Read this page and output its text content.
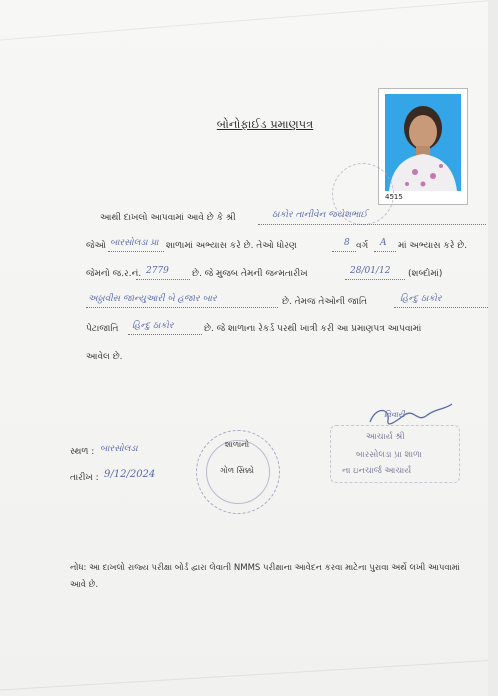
બોનોફાઈડ પ્રમાણપત્ર
4515
આથી દાખલો આપવામાં આવે છે કે શ્રી	ઠાકોર તાનીવેન જયેશભાઈ
જેઓ બારસોલડા પ્રા શાળામાં અભ્યાસ કરે છે. તેઓ ધોરણ	8 વર્ગ A માં અભ્યાસ કરે છે.
જેમનો જ.ર.નં. 2779	છે. જે મુજબ તેમની જન્મતારીખ	28/01/12 (શબ્દોમાં)
અઠ્ઠાવીસ જાન્યુઆરી બે હજાર બાર	છે. તેમજ તેઓની જાતિ	હિન્દુ ઠાકોર
પેટાજાતિ હિન્દુ ઠાકોર	છે. જે શાળાના રેકર્ડ પરથી ખાત્રી કરી આ પ્રમાણપત્ર આપવામાં
આવેલ છે.
સ્થળ : બારસોલડા
તારીખ : 9/12/2024
શાળાનો
ગોળ સિક્કો
તિવારી
આચાર્ય શ્રી
બારસોલડા પ્રા શાળા
ના ઇનચાર્જ આચાર્ય
નોંધ: આ દાખલો રાજ્ય પરીક્ષા બોર્ડ દ્વારા લેવાતી NMMS પરીક્ષાના આવેદન કરવા માટેના પુરાવા અર્થે લખી આપવામાં આવે છે.
